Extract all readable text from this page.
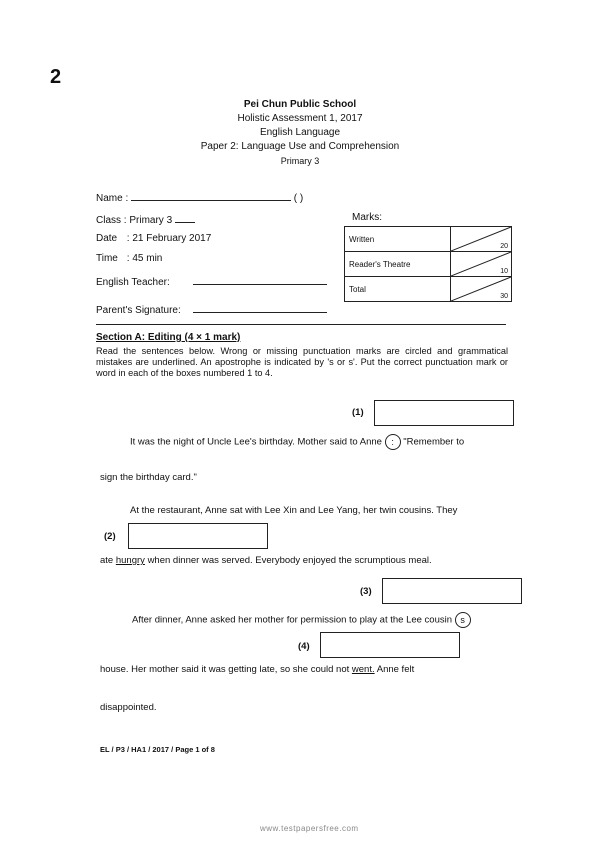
2
Pei Chun Public School
Holistic Assessment 1, 2017
English Language
Paper 2: Language Use and Comprehension
Primary 3
Name :	( )
Class : Primary 3
Date : 21 February 2017
Time : 45 min
English Teacher:
Parent's Signature:
Marks:
Written	20

Reader's Theatre	10

Total	30
Section A: Editing (4 × 1 mark)
Read the sentences below. Wrong or missing punctuation marks are circled and grammatical mistakes are underlined. An apostrophe is indicated by 's or s'. Put the correct punctuation mark or word in each of the boxes numbered 1 to 4.
(1)
It was the night of Uncle Lee's birthday. Mother said to Anne : "Remember to
sign the birthday card."
At the restaurant, Anne sat with Lee Xin and Lee Yang, her twin cousins. They
(2)
ate hungry when dinner was served. Everybody enjoyed the scrumptious meal.
(3)
After dinner, Anne asked her mother for permission to play at the Lee cousin s
(4)
house. Her mother said it was getting late, so she could not went. Anne felt
disappointed.
EL / P3 / HA1 / 2017 / Page 1 of 8
www.testpapersfree.com
